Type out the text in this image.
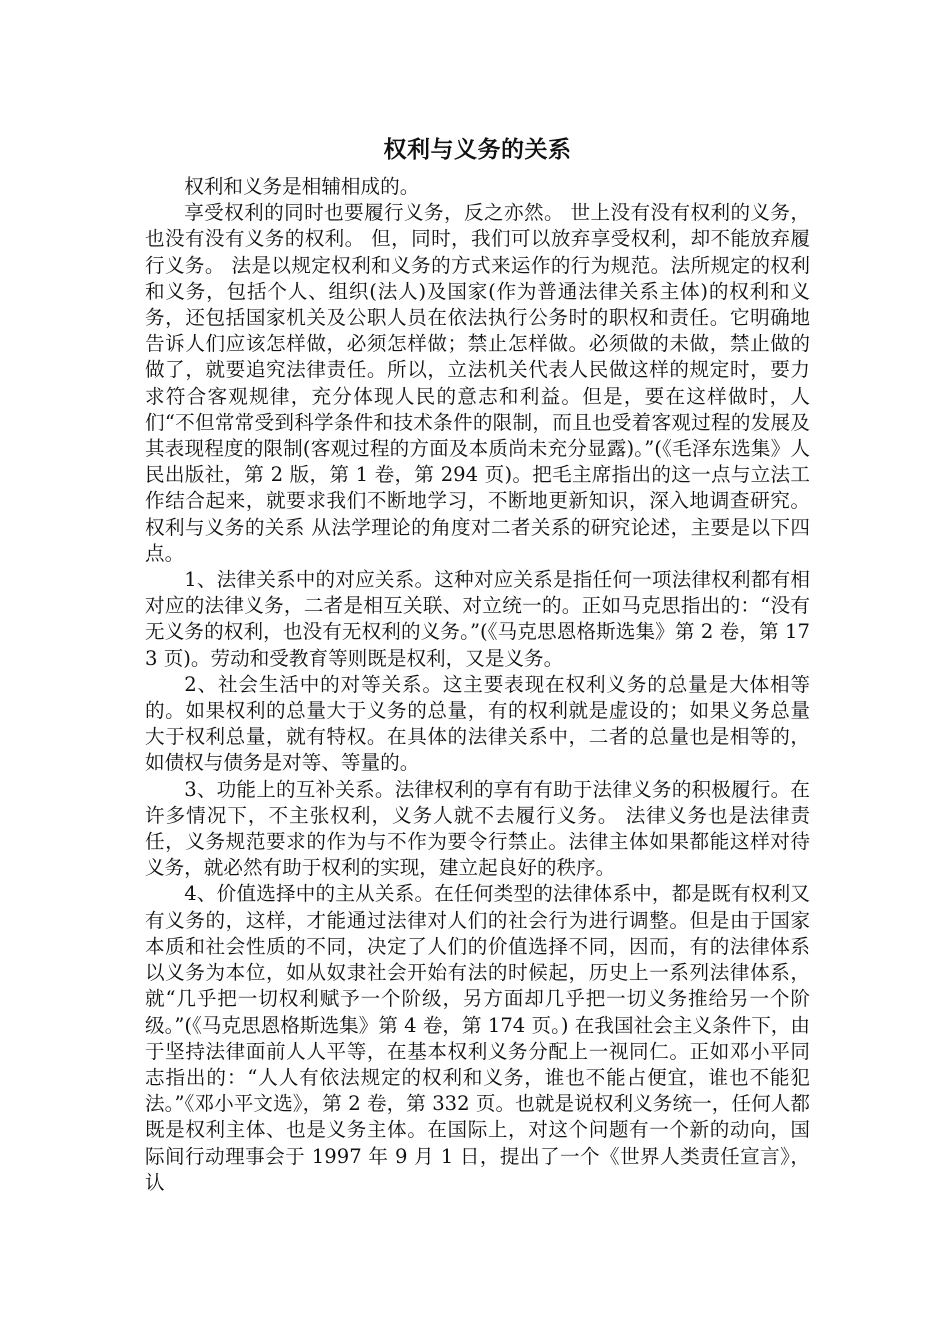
权利与义务的关系

权利和义务是相辅相成的。

享受权利的同时也要履行义务，反之亦然。 世上没有没有权利的义务，也没有没有义务的权利。 但，同时，我们可以放弃享受权利，却不能放弃履行义务。 法是以规定权利和义务的方式来运作的行为规范。法所规定的权利和义务，包括个人、组织(法人)及国家(作为普通法律关系主体)的权利和义务，还包括国家机关及公职人员在依法执行公务时的职权和责任。它明确地告诉人们应该怎样做，必须怎样做；禁止怎样做。必须做的未做，禁止做的做了，就要追究法律责任。所以，立法机关代表人民做这样的规定时，要力求符合客观规律，充分体现人民的意志和利益。但是，要在这样做时，人们“不但常常受到科学条件和技术条件的限制，而且也受着客观过程的发展及其表现程度的限制(客观过程的方面及本质尚未充分显露)。”(《毛泽东选集》人民出版社，第 2 版，第 1 卷，第 294 页)。把毛主席指出的这一点与立法工作结合起来，就要求我们不断地学习，不断地更新知识，深入地调查研究。 权利与义务的关系 从法学理论的角度对二者关系的研究论述，主要是以下四点。

1、法律关系中的对应关系。这种对应关系是指任何一项法律权利都有相对应的法律义务，二者是相互关联、对立统一的。正如马克思指出的：“没有无义务的权利，也没有无权利的义务。”(《马克思恩格斯选集》第 2 卷，第 173 页)。劳动和受教育等则既是权利，又是义务。

2、社会生活中的对等关系。这主要表现在权利义务的总量是大体相等的。如果权利的总量大于义务的总量，有的权利就是虚设的；如果义务总量大于权利总量，就有特权。在具体的法律关系中，二者的总量也是相等的，如债权与债务是对等、等量的。

3、功能上的互补关系。法律权利的享有有助于法律义务的积极履行。在许多情况下，不主张权利，义务人就不去履行义务。 法律义务也是法律责任，义务规范要求的作为与不作为要令行禁止。法律主体如果都能这样对待义务，就必然有助于权利的实现，建立起良好的秩序。

4、价值选择中的主从关系。在任何类型的法律体系中，都是既有权利又有义务的，这样，才能通过法律对人们的社会行为进行调整。但是由于国家本质和社会性质的不同，决定了人们的价值选择不同，因而，有的法律体系以义务为本位，如从奴隶社会开始有法的时候起，历史上一系列法律体系，就“几乎把一切权利赋予一个阶级，另方面却几乎把一切义务推给另一个阶级。”(《马克思恩格斯选集》第 4 卷，第 174 页。) 在我国社会主义条件下，由于坚持法律面前人人平等，在基本权利义务分配上一视同仁。正如邓小平同志指出的：“人人有依法规定的权利和义务，谁也不能占便宜，谁也不能犯法。”《邓小平文选》，第 2 卷，第 332 页。也就是说权利义务统一，任何人都既是权利主体、也是义务主体。在国际上，对这个问题有一个新的动向，国际间行动理事会于 1997 年 9 月 1 日，提出了一个《世界人类责任宣言》，认
